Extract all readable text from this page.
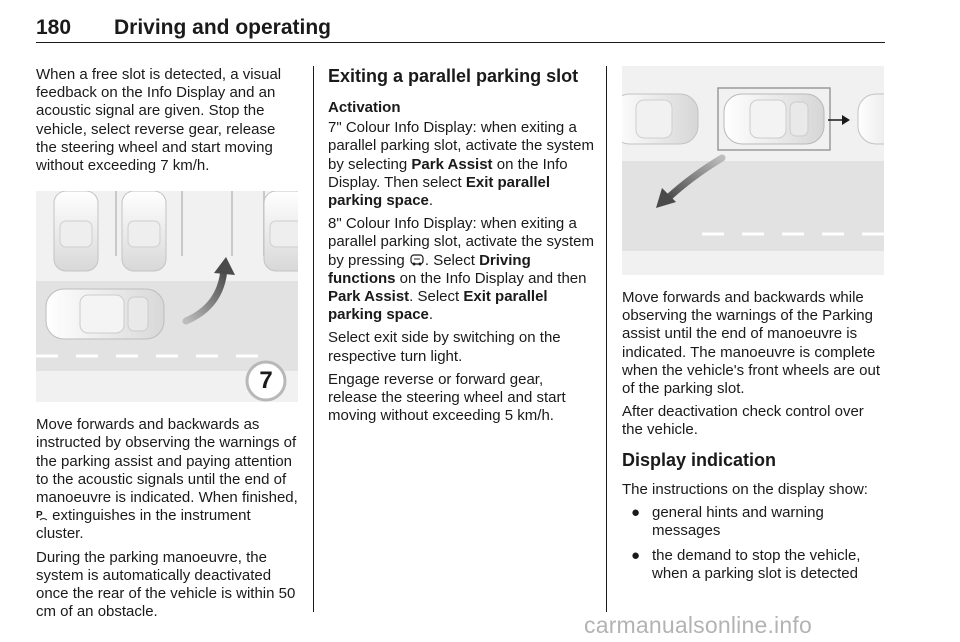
180 Driving and operating

When a free slot is detected, a visual feedback on the Info Display and an acoustic signal are given. Stop the vehicle, select reverse gear, release the steering wheel and start moving without exceeding 7 km/h.

7

Move forwards and backwards as instructed by observing the warnings of the parking assist and paying attention to the acoustic signals until the end of manoeuvre is indicated. When finished,
P extinguishes in the instrument cluster.

During the parking manoeuvre, the system is automatically deactivated once the rear of the vehicle is within 50 cm of an obstacle.

Exiting a parallel parking slot
Activation

7" Colour Info Display: when exiting a parallel parking slot, activate the system by selecting Park Assist on the Info Display. Then select Exit parallel parking space.

8" Colour Info Display: when exiting a parallel parking slot, activate the system by pressing . Select Driving functions on the Info Display and then Park Assist. Select Exit parallel parking space.

Select exit side by switching on the respective turn light.

Engage reverse or forward gear, release the steering wheel and start moving without exceeding 5 km/h.

Move forwards and backwards while observing the warnings of the Parking assist until the end of manoeuvre is indicated. The manoeuvre is complete when the vehicle's front wheels are out of the parking slot.

After deactivation check control over the vehicle.

Display indication

The instructions on the display show:

● general hints and warning messages
● the demand to stop the vehicle, when a parking slot is detected
carmanualsonline.info
